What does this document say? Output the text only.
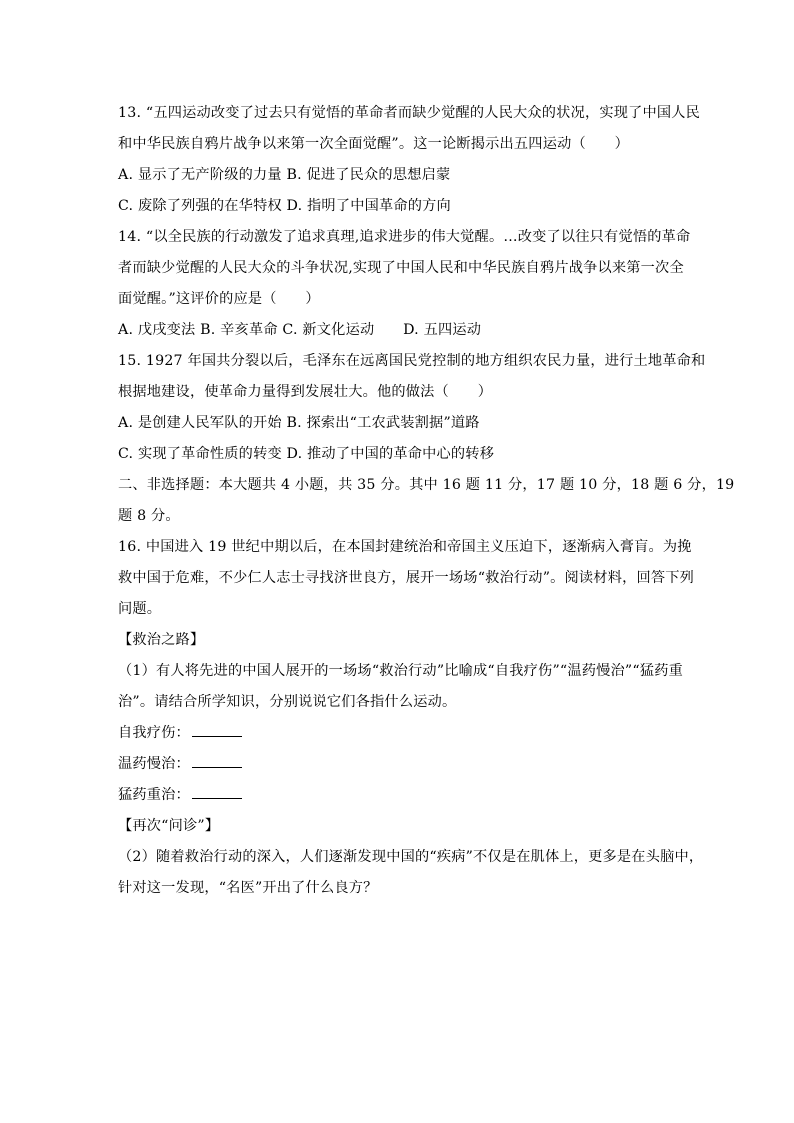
13. “五四运动改变了过去只有觉悟的革命者而缺少觉醒的人民大众的状况，实现了中国人民
和中华民族自鸦片战争以来第一次全面觉醒”。这一论断揭示出五四运动（　　）
A. 显示了无产阶级的力量 B. 促进了民众的思想启蒙
C. 废除了列强的在华特权 D. 指明了中国革命的方向
14. “以全民族的行动激发了追求真理,追求进步的伟大觉醒。…改变了以往只有觉悟的革命
者而缺少觉醒的人民大众的斗争状况,实现了中国人民和中华民族自鸦片战争以来第一次全
面觉醒。”这评价的应是（　　）
A. 戊戌变法 B. 辛亥革命 C. 新文化运动　　D. 五四运动
15. 1927 年国共分裂以后，毛泽东在远离国民党控制的地方组织农民力量，进行土地革命和
根据地建设，使革命力量得到发展壮大。他的做法（　　）
A. 是创建人民军队的开始 B. 探索出“工农武装割据”道路
C. 实现了革命性质的转变 D. 推动了中国的革命中心的转移
二、非选择题：本大题共 4 小题，共 35 分。其中 16 题 11 分，17 题 10 分，18 题 6 分，19
题 8 分。
16. 中国进入 19 世纪中期以后，在本国封建统治和帝国主义压迫下，逐渐病入膏肓。为挽
救中国于危难，不少仁人志士寻找济世良方，展开一场场“救治行动”。阅读材料，回答下列
问题。
【救治之路】
（1）有人将先进的中国人展开的一场场“救治行动”比喻成“自我疗伤”“温药慢治”“猛药重
治”。请结合所学知识，分别说说它们各指什么运动。
自我疗伤：
温药慢治：
猛药重治：
【再次“问诊”】
（2）随着救治行动的深入，人们逐渐发现中国的“疾病”不仅是在肌体上，更多是在头脑中，
针对这一发现，“名医”开出了什么良方？
